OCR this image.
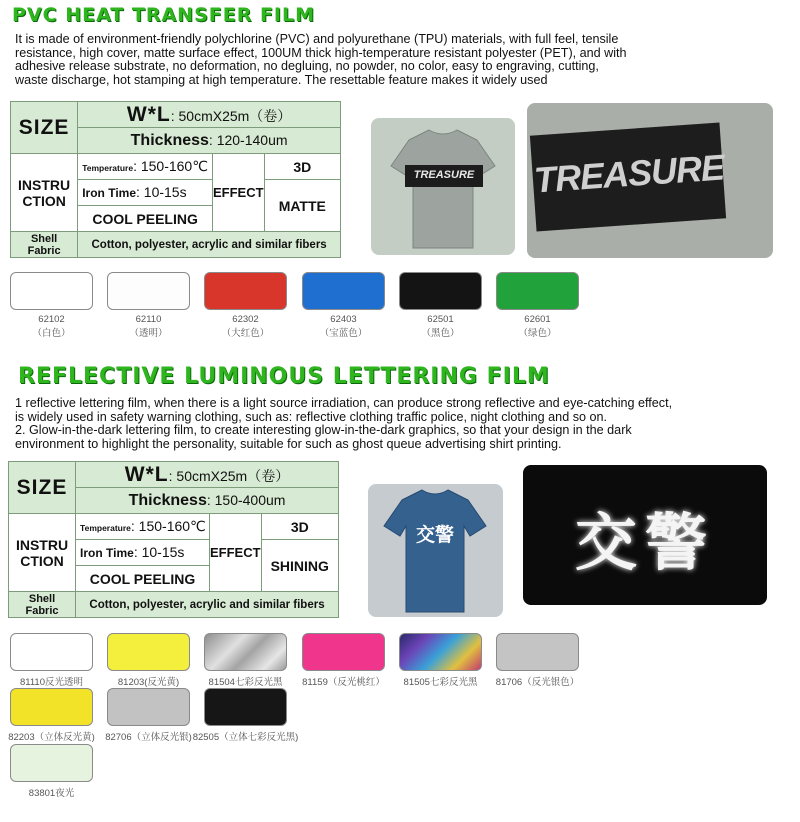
PVC HEAT TRANSFER FILM
It is made of environment-friendly polychlorine (PVC) and polyurethane (TPU) materials, with full feel, tensile
resistance, high cover, matte surface effect, 100UM thick high-temperature resistant polyester (PET), and with
adhesive release substrate, no deformation, no degluing, no powder, no color, easy to engraving, cutting,
waste discharge, hot stamping at high temperature. The resettable feature makes it widely used
SIZE	W*L: 50cmX25m（卷）		
	Thickness: 120-140um		

INSTRU
CTION	Temperature: 150-160℃	EFFECT	3D
	Iron Time: 10-15s		MATTE
	COOL PEELING		

Shell
Fabric	Cotton, polyester, acrylic and similar fibers		
TREASURE TREASURE
62102
（白色）
62110
（透明）
62302
（大红色）
62403
（宝蓝色）
62501
（黑色）
62601
（绿色）
REFLECTIVE LUMINOUS LETTERING FILM
1 reflective lettering film, when there is a light source irradiation, can produce strong reflective and eye-catching effect,
is widely used in safety warning clothing, such as: reflective clothing traffic police, night clothing and so on.
2. Glow-in-the-dark lettering film, to create interesting glow-in-the-dark graphics, so that your design in the dark
environment to highlight the personality, suitable for such as ghost queue advertising shirt printing.
SIZE	W*L: 50cmX25m（卷）		
	Thickness: 150-400um		

INSTRU
CTION	Temperature: 150-160℃	EFFECT	3D
	Iron Time: 10-15s		SHINING
	COOL PEELING		

Shell
Fabric	Cotton, polyester, acrylic and similar fibers		
交警	交警
81110反光透明	81203(反光黄)	81504七彩反光黑	81159（反光桃红）	81505七彩反光黑	81706（反光银色）
82203（立体反光黄)	82706（立体反光银) 82505（立体七彩反光黑)
83801夜光
